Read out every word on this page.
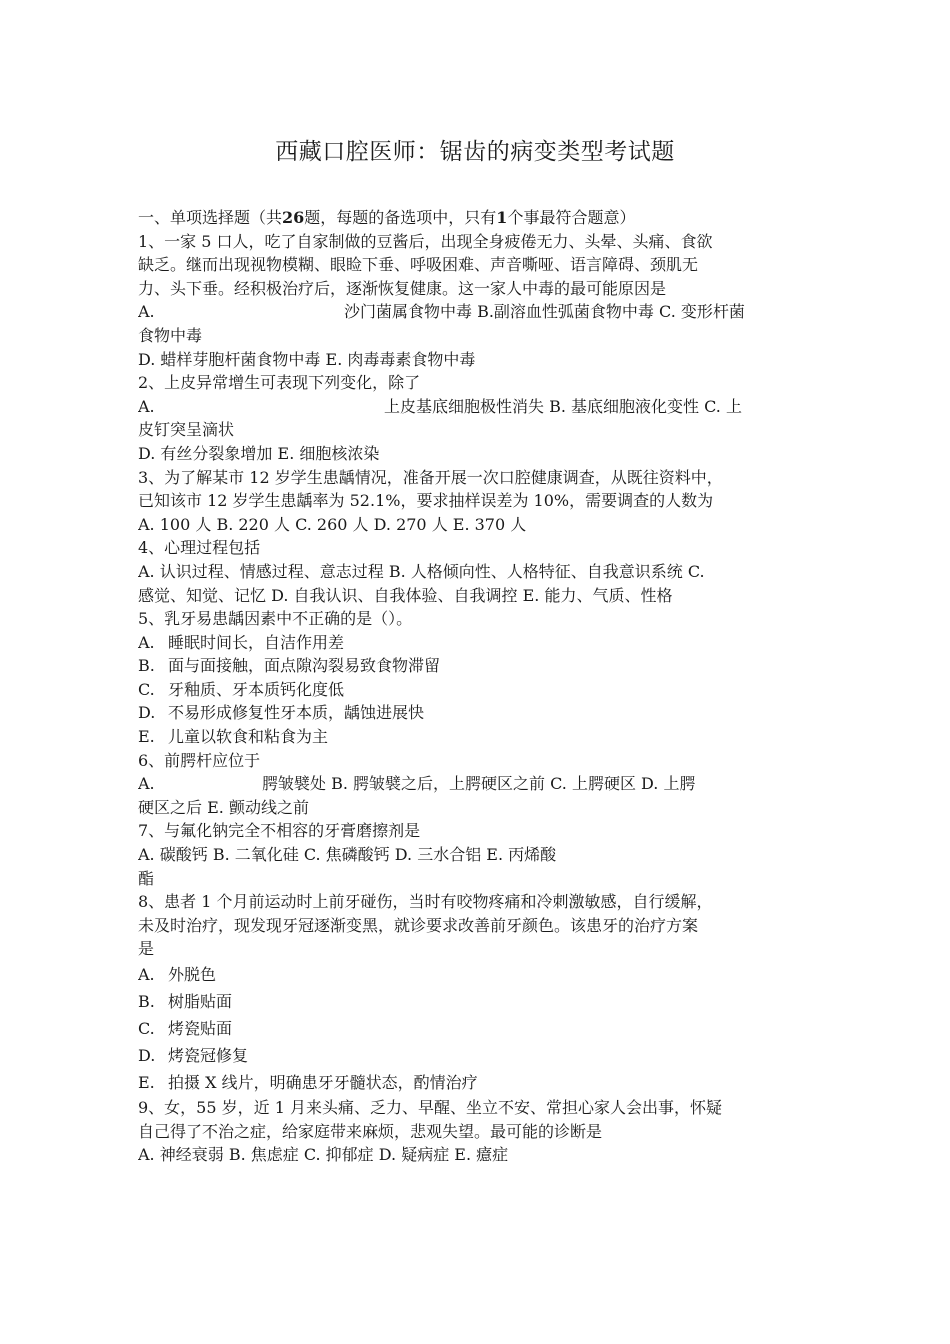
西藏口腔医师：锯齿的病变类型考试题
一、单项选择题（共26题，每题的备选项中，只有1个事最符合题意）
1、一家 5 口人，吃了自家制做的豆酱后，出现全身疲倦无力、头晕、头痛、食欲
缺乏。继而出现视物模糊、眼睑下垂、呼吸困难、声音嘶哑、语言障碍、颈肌无
力、头下垂。经积极治疗后，逐渐恢复健康。这一家人中毒的最可能原因是
A.	沙门菌属食物中毒 B.副溶血性弧菌食物中毒 C. 变形杆菌
食物中毒
D. 蜡样芽胞杆菌食物中毒 E. 肉毒毒素食物中毒
2、上皮异常增生可表现下列变化，除了
A.	上皮基底细胞极性消失 B. 基底细胞液化变性 C. 上
皮钉突呈滴状
D. 有丝分裂象增加 E. 细胞核浓染
3、为了解某市 12 岁学生患龋情况，准备开展一次口腔健康调查，从既往资料中，
已知该市 12 岁学生患龋率为 52.1%，要求抽样误差为 10%，需要调查的人数为
A. 100 人 B. 220 人 C. 260 人 D. 270 人 E. 370 人
4、心理过程包括
A. 认识过程、情感过程、意志过程 B. 人格倾向性、人格特征、自我意识系统 C.
感觉、知觉、记忆 D. 自我认识、自我体验、自我调控 E. 能力、气质、性格
5、乳牙易患龋因素中不正确的是（）。
A. 睡眠时间长，自洁作用差
B. 面与面接触，面点隙沟裂易致食物滞留
C. 牙釉质、牙本质钙化度低
D. 不易形成修复性牙本质，龋蚀进展快
E. 儿童以软食和粘食为主
6、前腭杆应位于
A.	腭皱襞处 B. 腭皱襞之后，上腭硬区之前 C. 上腭硬区 D. 上腭
硬区之后 E. 颤动线之前
7、与氟化钠完全不相容的牙膏磨擦剂是
A. 碳酸钙 B. 二氧化硅 C. 焦磷酸钙 D. 三水合铝 E. 丙烯酸
酯
8、患者 1 个月前运动时上前牙碰伤，当时有咬物疼痛和冷刺激敏感，自行缓解，
未及时治疗，现发现牙冠逐渐变黑，就诊要求改善前牙颜色。该患牙的治疗方案
是
A. 外脱色
B. 树脂贴面
C. 烤瓷贴面
D. 烤瓷冠修复
E. 拍摄 X 线片，明确患牙牙髓状态，酌情治疗
9、女，55 岁，近 1 月来头痛、乏力、早醒、坐立不安、常担心家人会出事，怀疑
自己得了不治之症，给家庭带来麻烦，悲观失望。最可能的诊断是
A. 神经衰弱 B. 焦虑症 C. 抑郁症 D. 疑病症 E. 癔症
